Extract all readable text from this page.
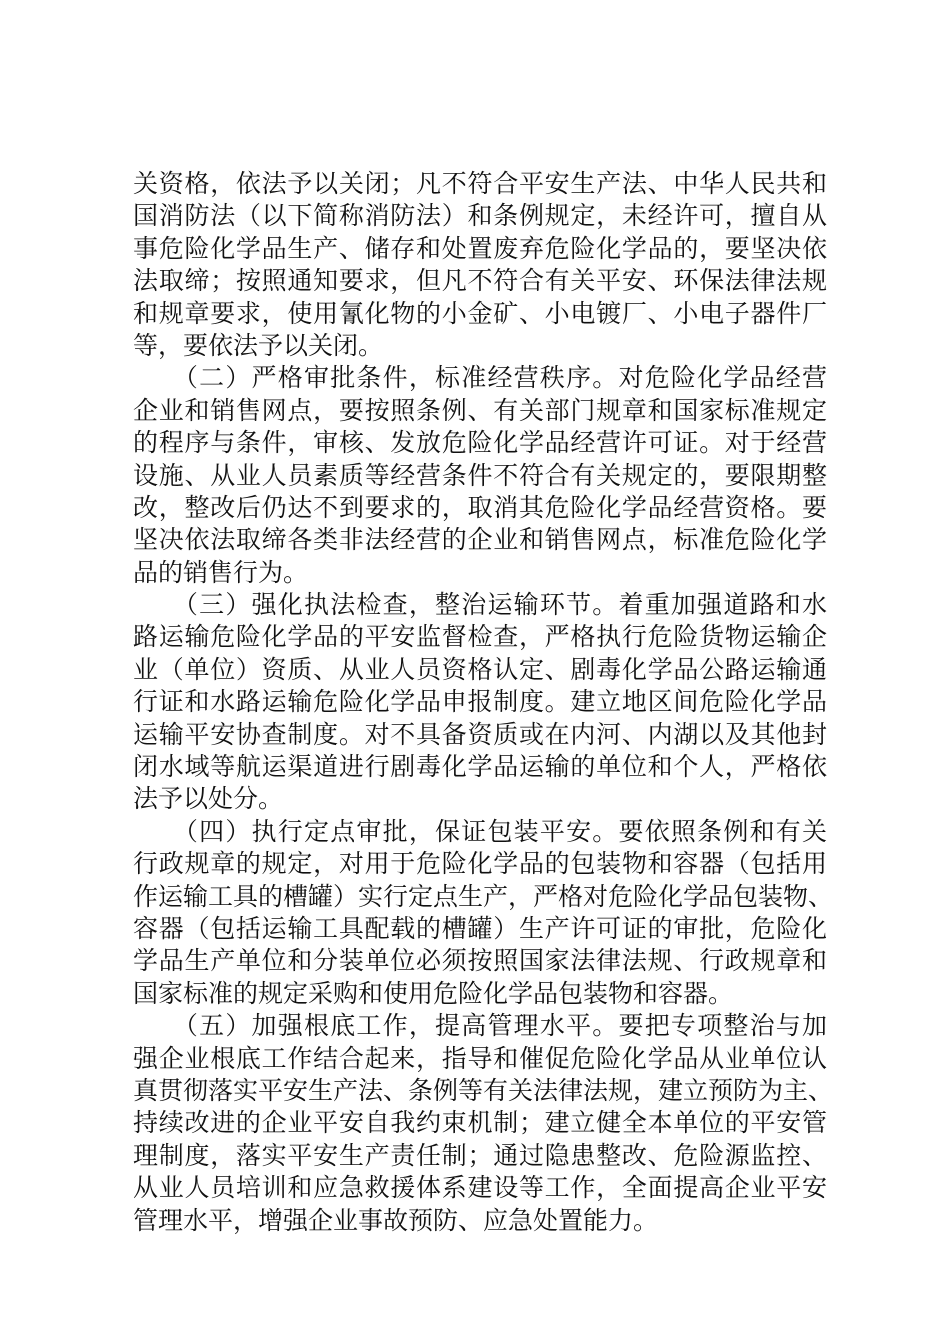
关资格，依法予以关闭；凡不符合平安生产法、中华人民共和
国消防法（以下简称消防法）和条例规定，未经许可，擅自从
事危险化学品生产、储存和处置废弃危险化学品的，要坚决依
法取缔；按照通知要求，但凡不符合有关平安、环保法律法规
和规章要求，使用氰化物的小金矿、小电镀厂、小电子器件厂
等，要依法予以关闭。
　　（二）严格审批条件，标准经营秩序。对危险化学品经营
企业和销售网点，要按照条例、有关部门规章和国家标准规定
的程序与条件，审核、发放危险化学品经营许可证。对于经营
设施、从业人员素质等经营条件不符合有关规定的，要限期整
改，整改后仍达不到要求的，取消其危险化学品经营资格。要
坚决依法取缔各类非法经营的企业和销售网点，标准危险化学
品的销售行为。
　　（三）强化执法检查，整治运输环节。着重加强道路和水
路运输危险化学品的平安监督检查，严格执行危险货物运输企
业（单位）资质、从业人员资格认定、剧毒化学品公路运输通
行证和水路运输危险化学品申报制度。建立地区间危险化学品
运输平安协查制度。对不具备资质或在内河、内湖以及其他封
闭水域等航运渠道进行剧毒化学品运输的单位和个人，严格依
法予以处分。
　　（四）执行定点审批，保证包装平安。要依照条例和有关
行政规章的规定，对用于危险化学品的包装物和容器（包括用
作运输工具的槽罐）实行定点生产，严格对危险化学品包装物、
容器（包括运输工具配载的槽罐）生产许可证的审批，危险化
学品生产单位和分装单位必须按照国家法律法规、行政规章和
国家标准的规定采购和使用危险化学品包装物和容器。
　　（五）加强根底工作，提高管理水平。要把专项整治与加
强企业根底工作结合起来，指导和催促危险化学品从业单位认
真贯彻落实平安生产法、条例等有关法律法规，建立预防为主、
持续改进的企业平安自我约束机制；建立健全本单位的平安管
理制度，落实平安生产责任制；通过隐患整改、危险源监控、
从业人员培训和应急救援体系建设等工作，全面提高企业平安
管理水平，增强企业事故预防、应急处置能力。
